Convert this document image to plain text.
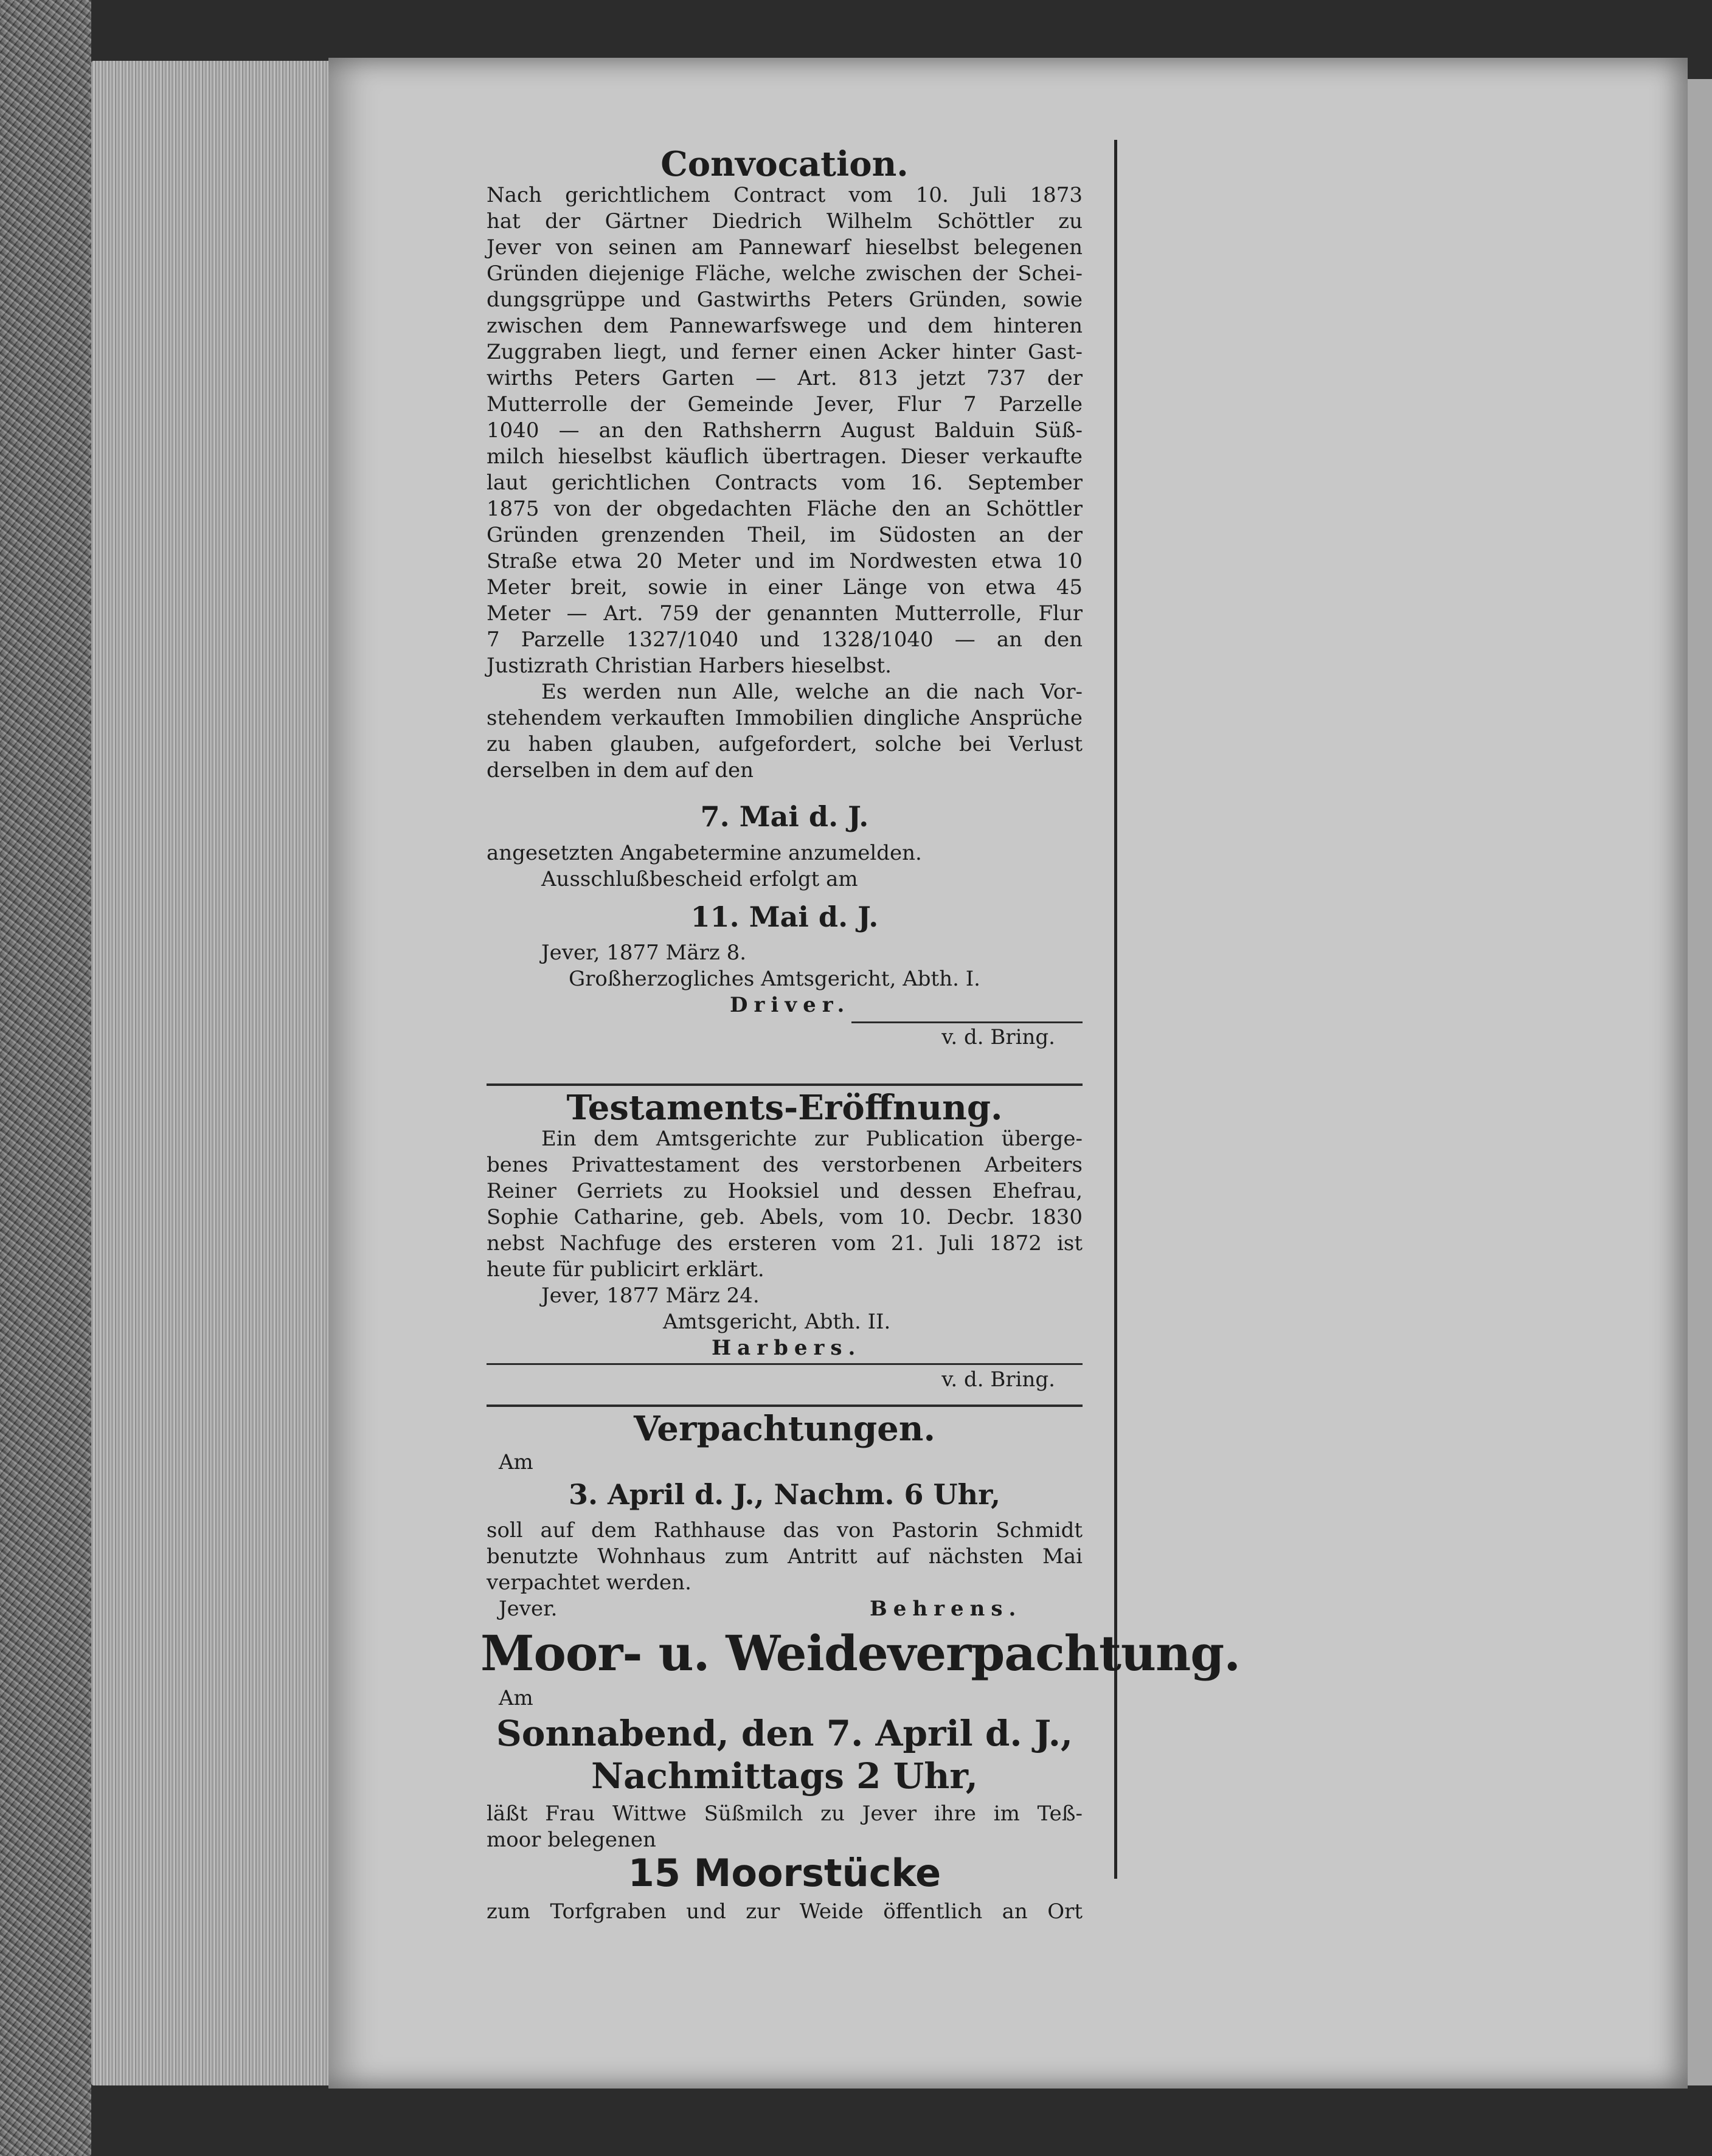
Convocation.
Nach gerichtlichem Contract vom 10. Juli 1873
hat der Gärtner Diedrich Wilhelm Schöttler zu
Jever von seinen am Pannewarf hieselbst belegenen
Gründen diejenige Fläche, welche zwischen der Schei-
dungsgrüppe und Gastwirths Peters Gründen, sowie
zwischen dem Pannewarfswege und dem hinteren
Zuggraben liegt, und ferner einen Acker hinter Gast-
wirths Peters Garten — Art. 813 jetzt 737 der
Mutterrolle der Gemeinde Jever, Flur 7 Parzelle
1040 — an den Rathsherrn August Balduin Süß-
milch hieselbst käuflich übertragen. Dieser verkaufte
laut gerichtlichen Contracts vom 16. September
1875 von der obgedachten Fläche den an Schöttler
Gründen grenzenden Theil, im Südosten an der
Straße etwa 20 Meter und im Nordwesten etwa 10
Meter breit, sowie in einer Länge von etwa 45
Meter — Art. 759 der genannten Mutterrolle, Flur
7 Parzelle 1327/1040 und 1328/1040 — an den
Justizrath Christian Harbers hieselbst.
Es werden nun Alle, welche an die nach Vor-
stehendem verkauften Immobilien dingliche Ansprüche
zu haben glauben, aufgefordert, solche bei Verlust
derselben in dem auf den
7. Mai d. J.
angesetzten Angabetermine anzumelden.
Ausschlußbescheid erfolgt am
11. Mai d. J.
Jever, 1877 März 8.
Großherzogliches Amtsgericht, Abth. I.
Driver.
v. d. Bring.
Testaments-Eröffnung.
Ein dem Amtsgerichte zur Publication überge-
benes Privattestament des verstorbenen Arbeiters
Reiner Gerriets zu Hooksiel und dessen Ehefrau,
Sophie Catharine, geb. Abels, vom 10. Decbr. 1830
nebst Nachfuge des ersteren vom 21. Juli 1872 ist
heute für publicirt erklärt.
Jever, 1877 März 24.
Amtsgericht, Abth. II.
Harbers.
v. d. Bring.
Verpachtungen.
Am
3. April d. J., Nachm. 6 Uhr,
soll auf dem Rathhause das von Pastorin Schmidt
benutzte Wohnhaus zum Antritt auf nächsten Mai
verpachtet werden.
Jever.	Behrens.
Moor- u. Weideverpachtung.
Am
Sonnabend, den 7. April d. J.,
Nachmittags 2 Uhr,
läßt Frau Wittwe Süßmilch zu Jever ihre im Teß-
moor belegenen
15 Moorstücke
zum Torfgraben und zur Weide öffentlich an Ort
